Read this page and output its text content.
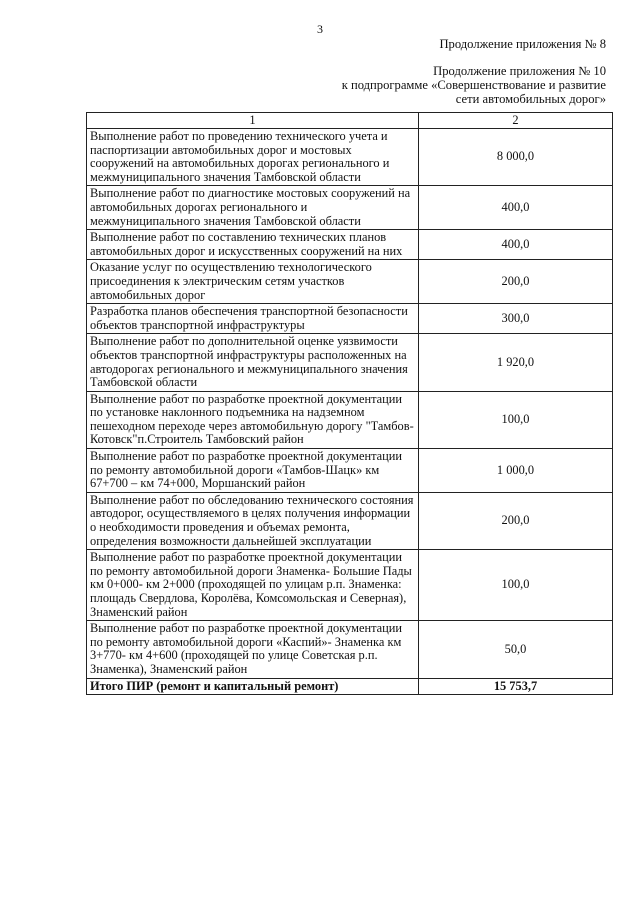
3
Продолжение приложения № 8
Продолжение приложения № 10
к подпрограмме «Совершенствование и развитие
сети автомобильных дорог»
1	2
Выполнение работ по проведению технического учета и паспортизации автомобильных дорог и мостовых сооружений на автомобильных дорогах регионального и межмуниципального значения Тамбовской области	8 000,0
Выполнение работ по диагностике мостовых сооружений на автомобильных дорогах регионального и межмуниципального значения Тамбовской области	400,0
Выполнение работ по составлению технических планов автомобильных дорог и искусственных сооружений на них	400,0
Оказание услуг по осуществлению технологического присоединения к электрическим сетям участков автомобильных дорог	200,0
Разработка планов обеспечения транспортной безопасности объектов транспортной инфраструктуры	300,0
Выполнение работ по дополнительной оценке уязвимости объектов транспортной инфраструктуры расположенных на автодорогах регионального и межмуниципального значения Тамбовской области	1 920,0
Выполнение работ по разработке проектной документации по установке наклонного подъемника на надземном пешеходном переходе через автомобильную дорогу "Тамбов-Котовск"п.Строитель Тамбовский район	100,0
Выполнение работ по разработке проектной документации по ремонту автомобильной дороги «Тамбов-Шацк» км 67+700 – км 74+000, Моршанский район	1 000,0
Выполнение работ по обследованию технического состояния автодорог, осуществляемого в целях получения информации о необходимости проведения и объемах ремонта, определения возможности дальнейшей эксплуатации	200,0
Выполнение работ по разработке проектной документации по ремонту автомобильной дороги Знаменка- Большие Пады км 0+000- км 2+000 (проходящей по улицам р.п. Знаменка: площадь Свердлова, Королёва, Комсомольская и Северная), Знаменский район	100,0
Выполнение работ по разработке проектной документации по ремонту автомобильной дороги «Каспий»- Знаменка км 3+770- км 4+600 (проходящей по улице Советская р.п. Знаменка), Знаменский район	50,0
Итого ПИР (ремонт и капитальный ремонт)	15 753,7
